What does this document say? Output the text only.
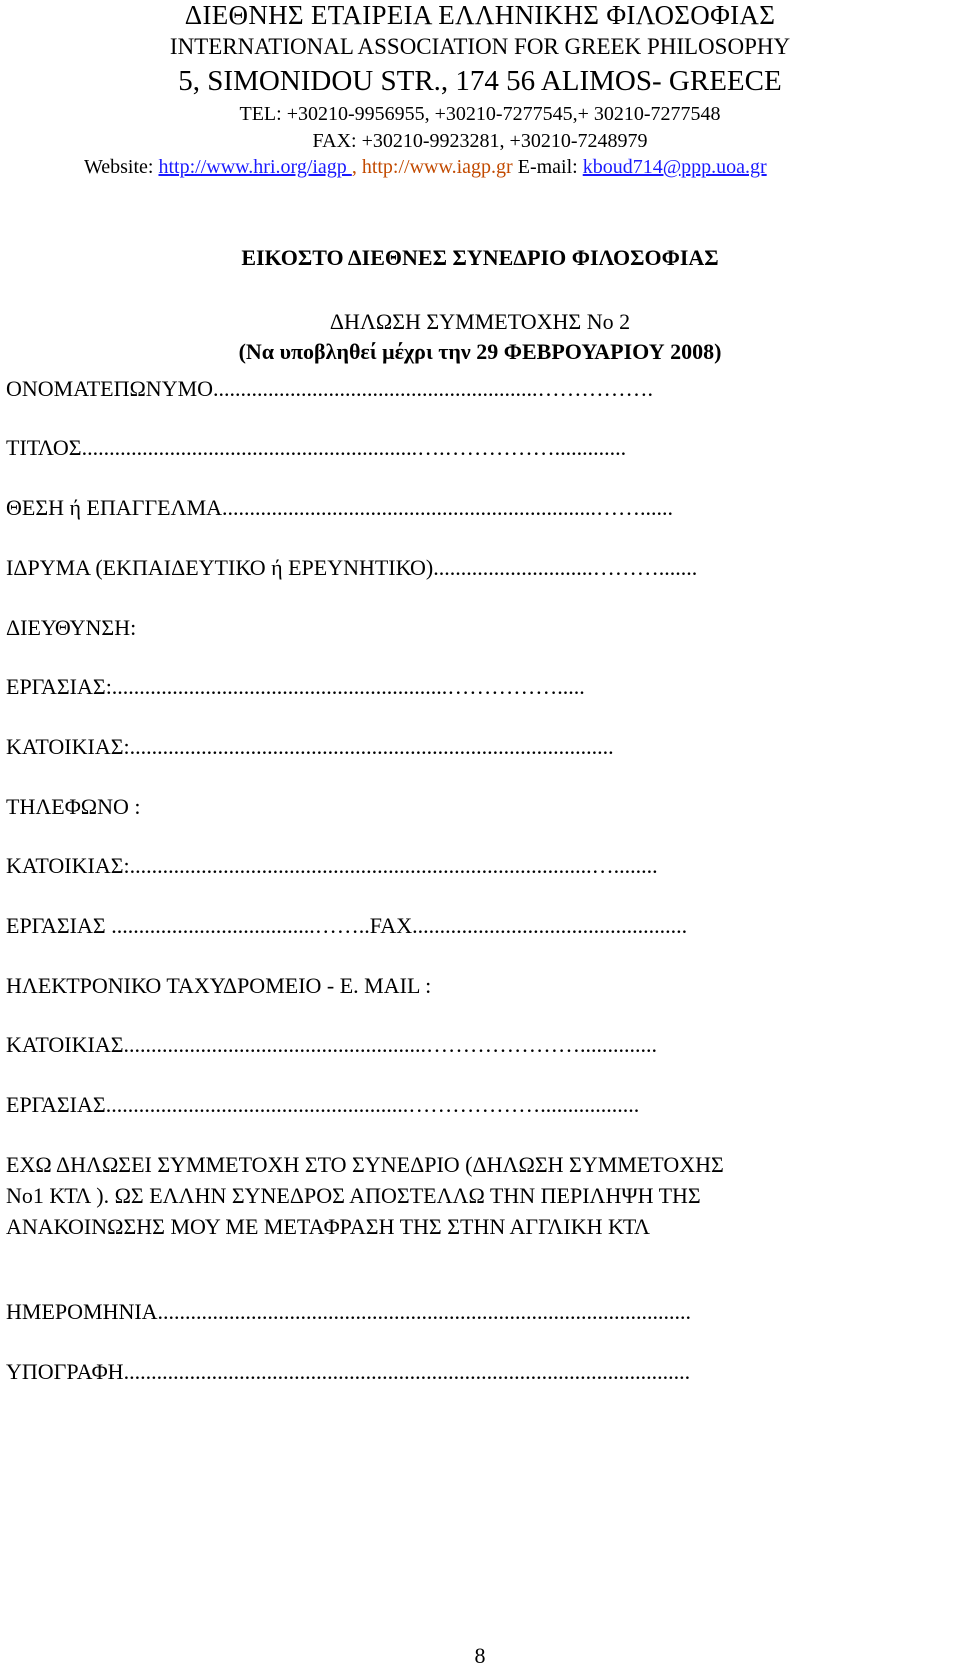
ΔΙΕΘΝΗΣ ΕΤΑΙΡΕΙΑ ΕΛΛΗΝΙΚΗΣ ΦΙΛΟΣΟΦΙΑΣ
INTERNATIONAL ASSOCIATION FOR GREEK PHILOSOPHY
5, SIMONIDOU STR., 174 56 ALIMOS- GREECE
TEL: +30210-9956955, +30210-7277545,+ 30210-7277548
FAX: +30210-9923281, +30210-7248979
Website: http://www.hri.org/iagp , http://www.iagp.gr E-mail: kboud714@ppp.uoa.gr
ΕΙΚΟΣΤΟ ΔΙΕΘΝΕΣ ΣΥΝΕΔΡΙΟ ΦΙΛΟΣΟΦΙΑΣ
ΔΗΛΩΣΗ ΣΥΜΜΕΤΟΧΗΣ Νο 2
(Να υποβληθεί μέχρι την 29 ΦΕΒΡΟΥΑΡΙΟΥ 2008)
ΟΝΟΜΑΤΕΠΩΝΥΜΟ...........................................................…………….
ΤΙΤΛΟΣ.............................................................….…………….............
ΘΕΣΗ ή ΕΠΑΓΓΕΛΜΑ....................................................................……......
ΙΔΡΥΜΑ (ΕΚΠΑΙΔΕΥΤΙΚΟ ή ΕΡΕΥΝΗΤΙΚΟ).............................……….......
ΔΙΕΥΘΥΝΣΗ:
ΕΡΓΑΣΙΑΣ:.............................................................…………….....
ΚΑΤΟΙΚΙΑΣ:........................................................................................
ΤΗΛΕΦΩΝΟ :
ΚΑΤΟΙΚΙΑΣ:....................................................................................…........
ΕΡΓΑΣΙΑΣ .....................................……..FAX..................................................
ΗΛΕΚΤΡΟΝΙΚΟ ΤΑΧΥΔΡΟΜΕΙΟ - Ε. MAIL :
ΚΑΤΟΙΚΙΑΣ.......................................................…………………..............
ΕΡΓΑΣΙΑΣ.......................................................………………..................
ΕΧΩ ΔΗΛΩΣΕΙ ΣΥΜΜΕΤΟΧΗ ΣΤΟ ΣΥΝΕΔΡΙΟ (ΔΗΛΩΣΗ ΣΥΜΜΕΤΟΧΗΣ
Νο1 ΚΤΛ ). ΩΣ ΕΛΛΗΝ ΣΥΝΕΔΡΟΣ ΑΠΟΣΤΕΛΛΩ ΤΗΝ ΠΕΡΙΛΗΨΗ ΤΗΣ
ΑΝΑΚΟΙΝΩΣΗΣ ΜΟΥ ΜΕ ΜΕΤΑΦΡΑΣΗ ΤΗΣ ΣΤΗΝ ΑΓΓΛΙΚΗ ΚΤΛ
ΗΜΕΡΟΜΗΝΙΑ.................................................................................................
ΥΠΟΓΡΑΦΗ.......................................................................................................
8
